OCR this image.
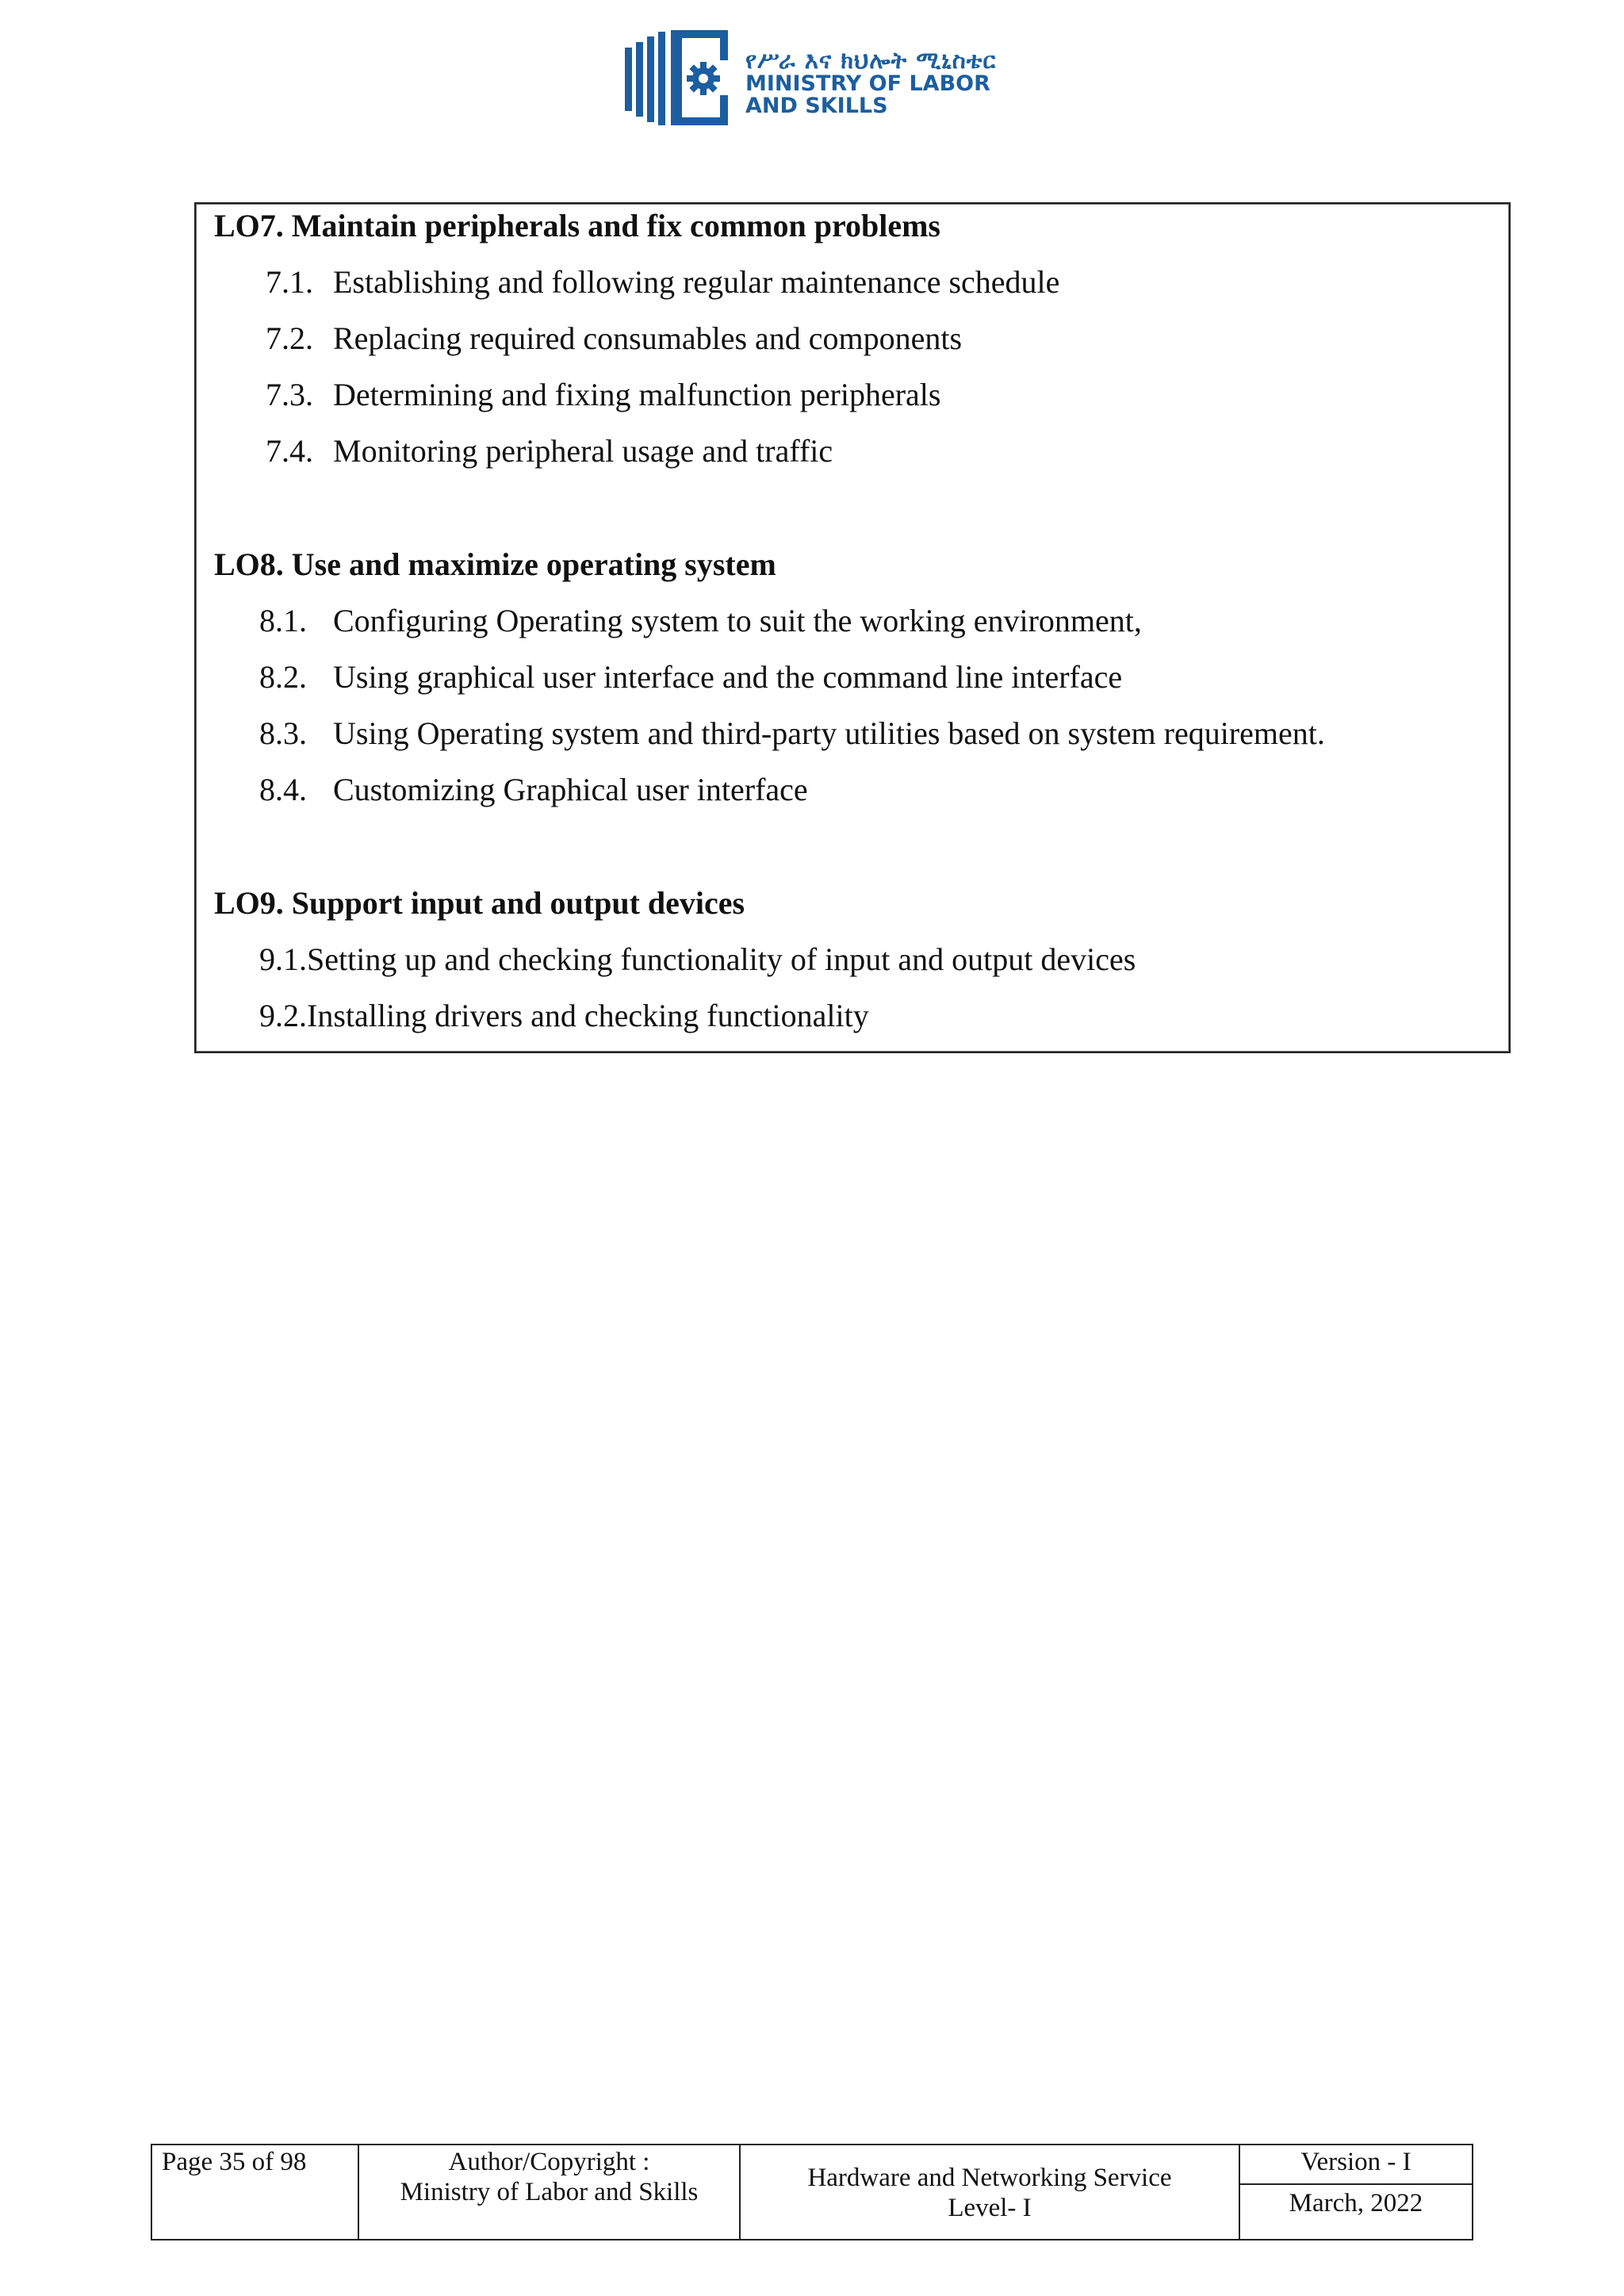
የሥራ እና ክህሎት ሚኒስቴር
MINISTRY OF LABOR
AND SKILLS
LO7. Maintain peripherals and fix common problems
7.1. Establishing and following regular maintenance schedule
7.2. Replacing required consumables and components
7.3. Determining and fixing malfunction peripherals
7.4. Monitoring peripheral usage and traffic
LO8. Use and maximize operating system
8.1. Configuring Operating system to suit the working environment,
8.2. Using graphical user interface and the command line interface
8.3. Using Operating system and third-party utilities based on system requirement.
8.4. Customizing Graphical user interface
LO9. Support input and output devices
9.1. Setting up and checking functionality of input and output devices
9.2. Installing drivers and checking functionality
Page 35 of 98	Author/Copyright :
Ministry of Labor and Skills	Hardware and Networking Service
Level- I
Version - I
March, 2022
